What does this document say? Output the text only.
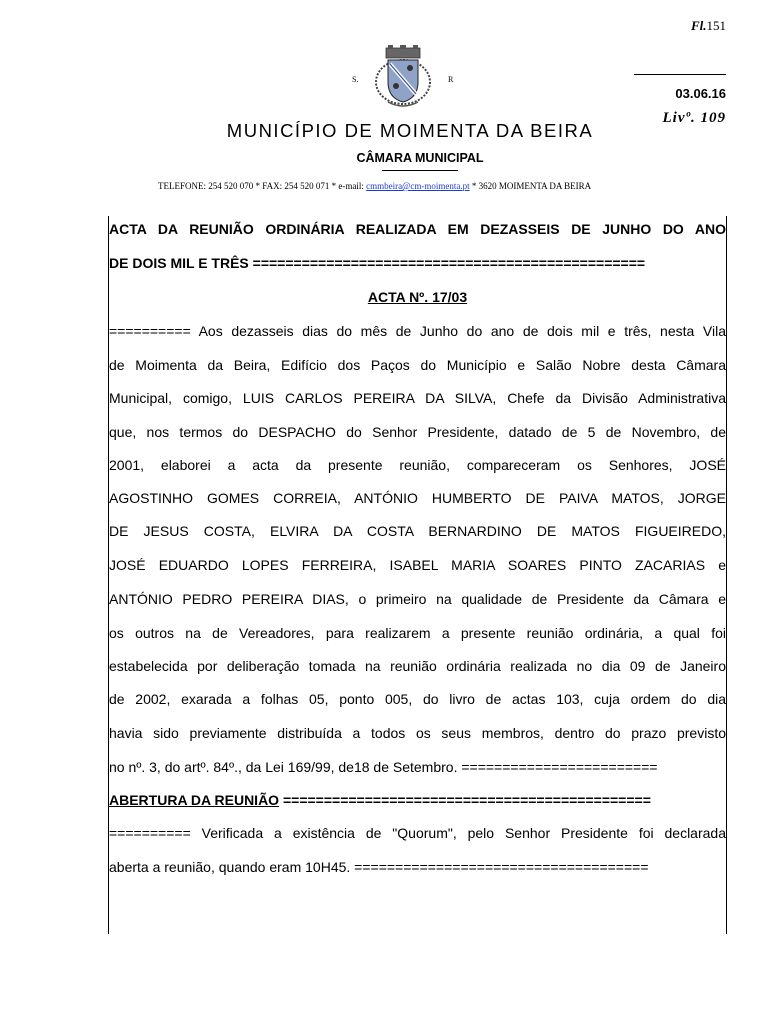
S.	R
Fl.151
03.06.16
Livº. 109
MUNICÍPIO DE MOIMENTA DA BEIRA
CÂMARA MUNICIPAL
TELEFONE: 254 520 070 * FAX: 254 520 071 * e-mail: cmmbeira@cm-moimenta.pt * 3620 MOIMENTA DA BEIRA
ACTA DA REUNIÃO ORDINÁRIA REALIZADA EM DEZASSEIS DE JUNHO DO ANO
DE DOIS MIL E TRÊS ================================================
ACTA Nº. 17/03
========== Aos dezasseis dias do mês de Junho do ano de dois mil e três, nesta Vila
de Moimenta da Beira, Edifício dos Paços do Município e Salão Nobre desta Câmara
Municipal, comigo, LUIS CARLOS PEREIRA DA SILVA, Chefe da Divisão Administrativa
que, nos termos do DESPACHO do Senhor Presidente, datado de 5 de Novembro, de
2001, elaborei a acta da presente reunião, compareceram os Senhores, JOSÉ
AGOSTINHO GOMES CORREIA, ANTÓNIO HUMBERTO DE PAIVA MATOS, JORGE
DE JESUS COSTA, ELVIRA DA COSTA BERNARDINO DE MATOS FIGUEIREDO,
JOSÉ EDUARDO LOPES FERREIRA, ISABEL MARIA SOARES PINTO ZACARIAS e
ANTÓNIO PEDRO PEREIRA DIAS, o primeiro na qualidade de Presidente da Câmara e
os outros na de Vereadores, para realizarem a presente reunião ordinária, a qual foi
estabelecida por deliberação tomada na reunião ordinária realizada no dia 09 de Janeiro
de 2002, exarada a folhas 05, ponto 005, do livro de actas 103, cuja ordem do dia
havia sido previamente distribuída a todos os seus membros, dentro do prazo previsto
no nº. 3, do artº. 84º., da Lei 169/99, de18 de Setembro. ========================
ABERTURA DA REUNIÃO =============================================
========== Verificada a existência de "Quorum", pelo Senhor Presidente foi declarada
aberta a reunião, quando eram 10H45. ====================================
